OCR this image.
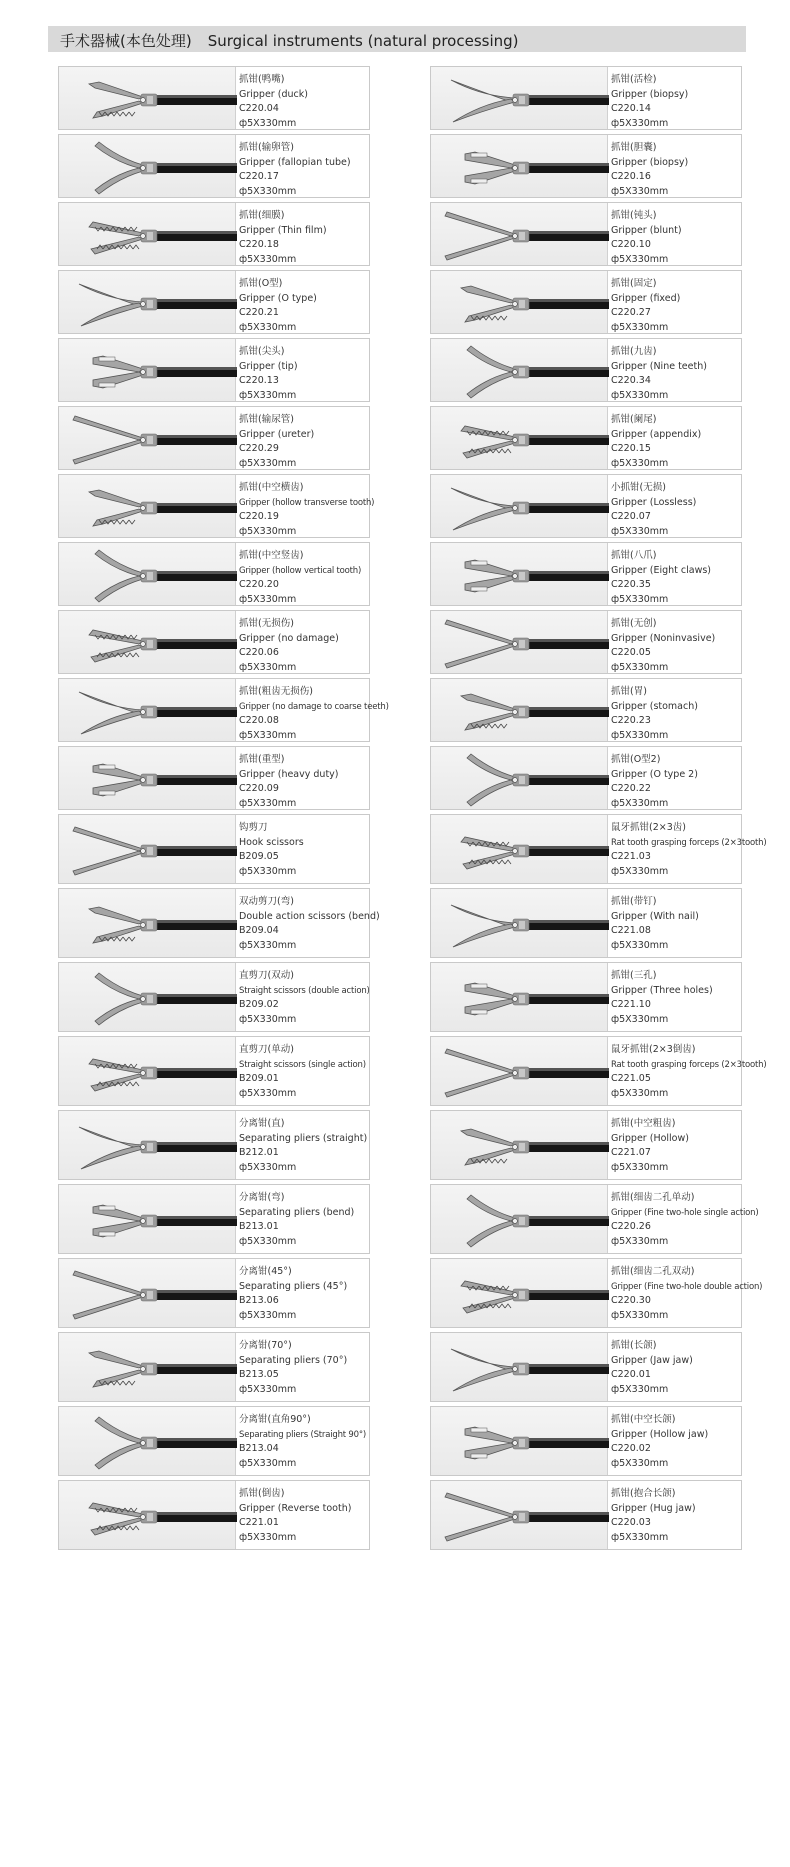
手术器械(本色处理) Surgical instruments (natural processing)
抓钳(鸭嘴)
Gripper (duck)
C220.04
ф5X330mm
抓钳(输卵管)
Gripper (fallopian tube)
C220.17
ф5X330mm
抓钳(细膜)
Gripper (Thin film)
C220.18
ф5X330mm
抓钳(O型)
Gripper (O type)
C220.21
ф5X330mm
抓钳(尖头)
Gripper (tip)
C220.13
ф5X330mm
抓钳(输尿管)
Gripper (ureter)
C220.29
ф5X330mm
抓钳(中空横齿)
Gripper (hollow transverse tooth)
C220.19
ф5X330mm
抓钳(中空竖齿)
Gripper (hollow vertical tooth)
C220.20
ф5X330mm
抓钳(无损伤)
Gripper (no damage)
C220.06
ф5X330mm
抓钳(粗齿无损伤)
Gripper (no damage to coarse teeth)
C220.08
ф5X330mm
抓钳(重型)
Gripper (heavy duty)
C220.09
ф5X330mm
钩剪刀
Hook scissors
B209.05
ф5X330mm
双动剪刀(弯)
Double action scissors (bend)
B209.04
ф5X330mm
直剪刀(双动)
Straight scissors (double action)
B209.02
ф5X330mm
直剪刀(单动)
Straight scissors (single action)
B209.01
ф5X330mm
分离钳(直)
Separating pliers (straight)
B212.01
ф5X330mm
分离钳(弯)
Separating pliers (bend)
B213.01
ф5X330mm
分离钳(45°)
Separating pliers (45°)
B213.06
ф5X330mm
分离钳(70°)
Separating pliers (70°)
B213.05
ф5X330mm
分离钳(直角90°)
Separating pliers (Straight 90°)
B213.04
ф5X330mm
抓钳(倒齿)
Gripper (Reverse tooth)
C221.01
ф5X330mm
抓钳(活检)
Gripper (biopsy)
C220.14
ф5X330mm
抓钳(胆囊)
Gripper (biopsy)
C220.16
ф5X330mm
抓钳(钝头)
Gripper (blunt)
C220.10
ф5X330mm
抓钳(固定)
Gripper (fixed)
C220.27
ф5X330mm
抓钳(九齿)
Gripper (Nine teeth)
C220.34
ф5X330mm
抓钳(阑尾)
Gripper (appendix)
C220.15
ф5X330mm
小抓钳(无损)
Gripper (Lossless)
C220.07
ф5X330mm
抓钳(八爪)
Gripper (Eight claws)
C220.35
ф5X330mm
抓钳(无创)
Gripper (Noninvasive)
C220.05
ф5X330mm
抓钳(胃)
Gripper (stomach)
C220.23
ф5X330mm
抓钳(O型2)
Gripper (O type 2)
C220.22
ф5X330mm
鼠牙抓钳(2×3齿)
Rat tooth grasping forceps (2×3tooth)
C221.03
ф5X330mm
抓钳(带钉)
Gripper (With nail)
C221.08
ф5X330mm
抓钳(三孔)
Gripper (Three holes)
C221.10
ф5X330mm
鼠牙抓钳(2×3倒齿)
Rat tooth grasping forceps (2×3tooth)
C221.05
ф5X330mm
抓钳(中空粗齿)
Gripper (Hollow)
C221.07
ф5X330mm
抓钳(细齿二孔单动)
Gripper (Fine two-hole single action)
C220.26
ф5X330mm
抓钳(细齿二孔双动)
Gripper (Fine two-hole double action)
C220.30
ф5X330mm
抓钳(长颌)
Gripper (Jaw jaw)
C220.01
ф5X330mm
抓钳(中空长颌)
Gripper (Hollow jaw)
C220.02
ф5X330mm
抓钳(抱合长颌)
Gripper (Hug jaw)
C220.03
ф5X330mm
